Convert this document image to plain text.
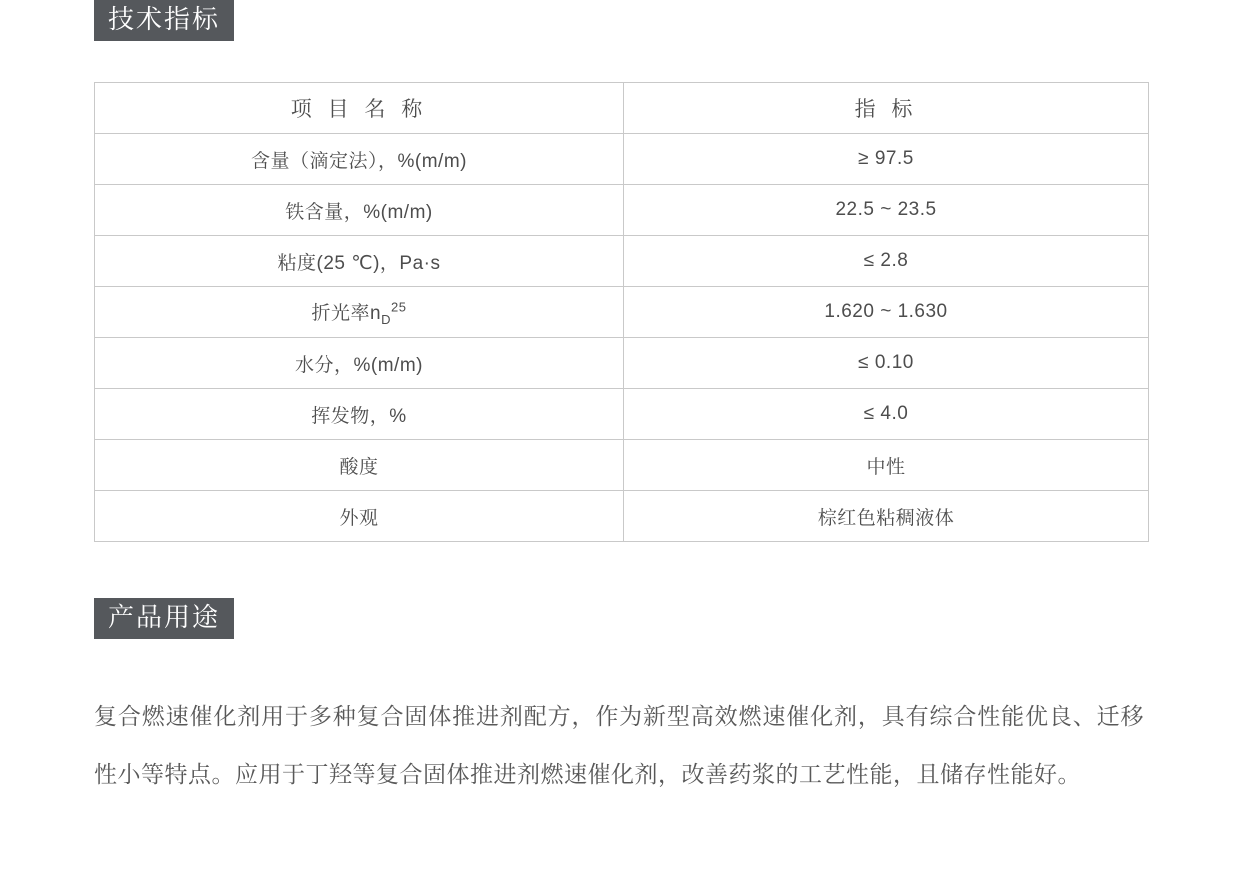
技术指标
项 目 名 称	指 标
含量（滴定法），%(m/m)	≥ 97.5
铁含量，%(m/m)	22.5 ~ 23.5
粘度(25 ℃)，Pa·s	≤ 2.8
折光率$n_D^{25}$	1.620 ~ 1.630
水分，%(m/m)	≤ 0.10
挥发物，%	≤ 4.0
酸度	中性
外观	棕红色粘稠液体
产品用途

复合燃速催化剂用于多种复合固体推进剂配方，作为新型高效燃速催化剂，具有综合性能优良、迁移性小等特点。应用于丁羟等复合固体推进剂燃速催化剂，改善药浆的工艺性能，且储存性能好。
